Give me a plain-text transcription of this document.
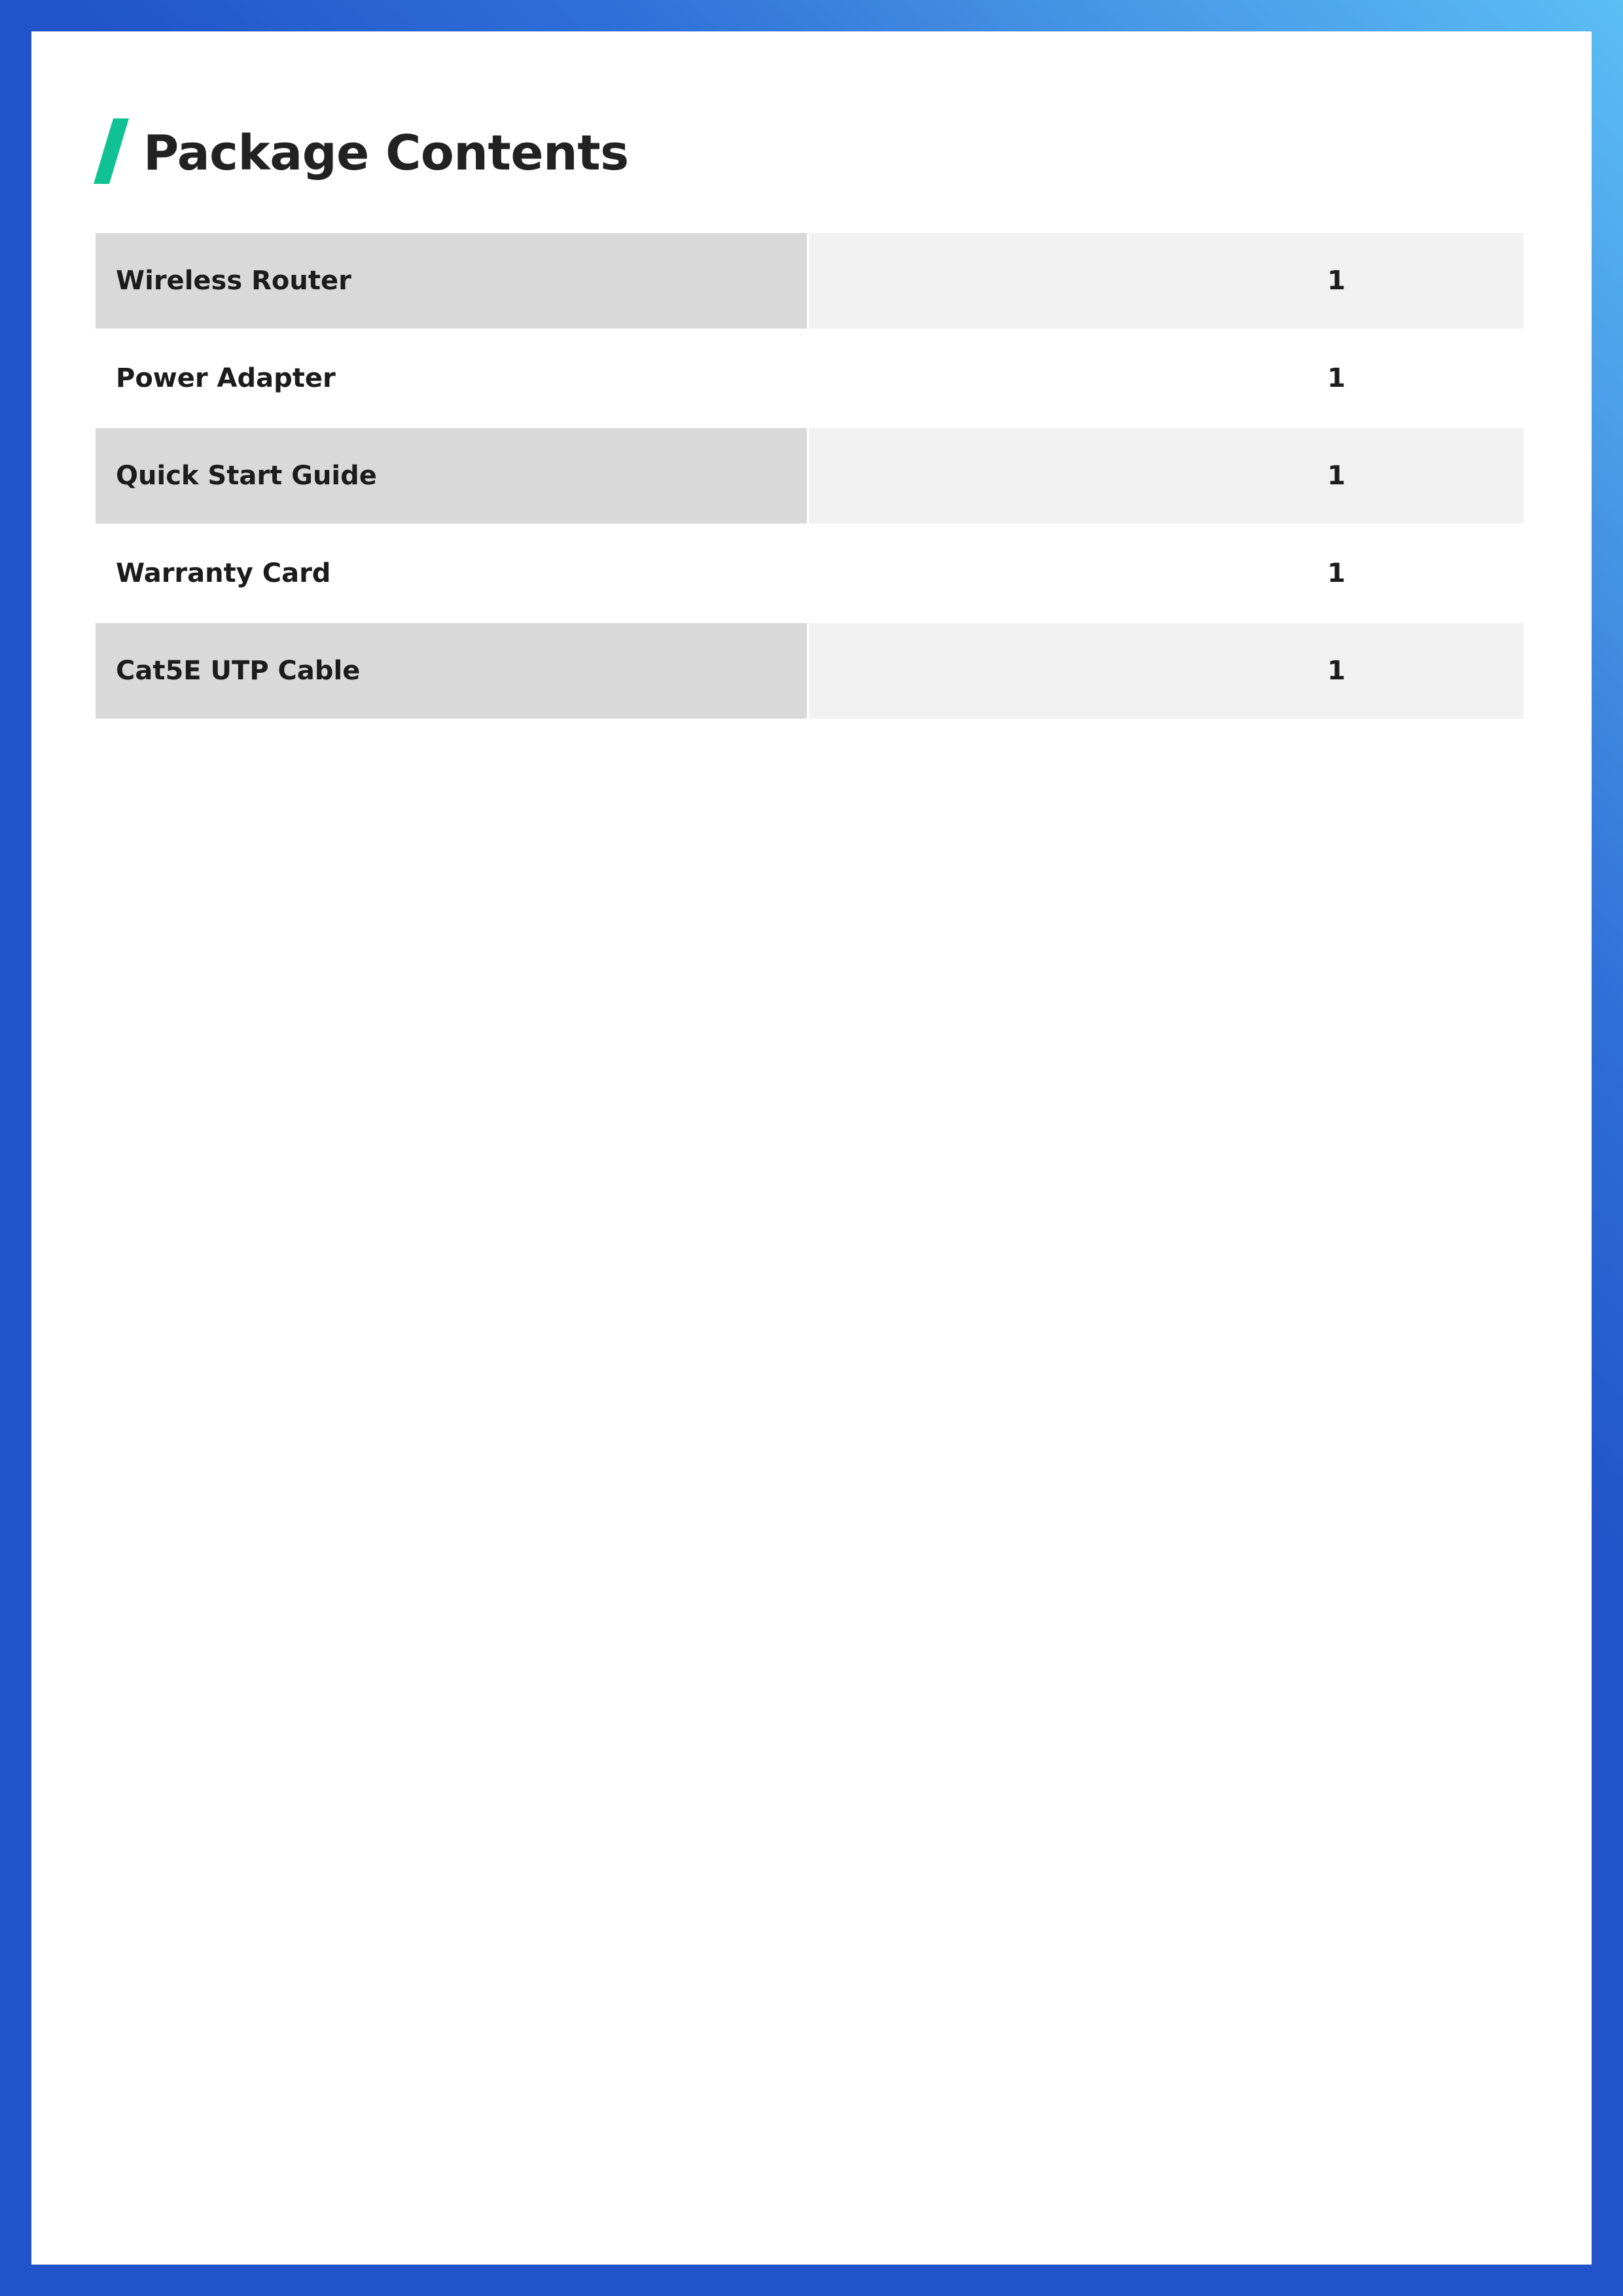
Package Contents
Wireless Router	1
Power Adapter	1
Quick Start Guide	1
Warranty Card	1
Cat5E UTP Cable	1
